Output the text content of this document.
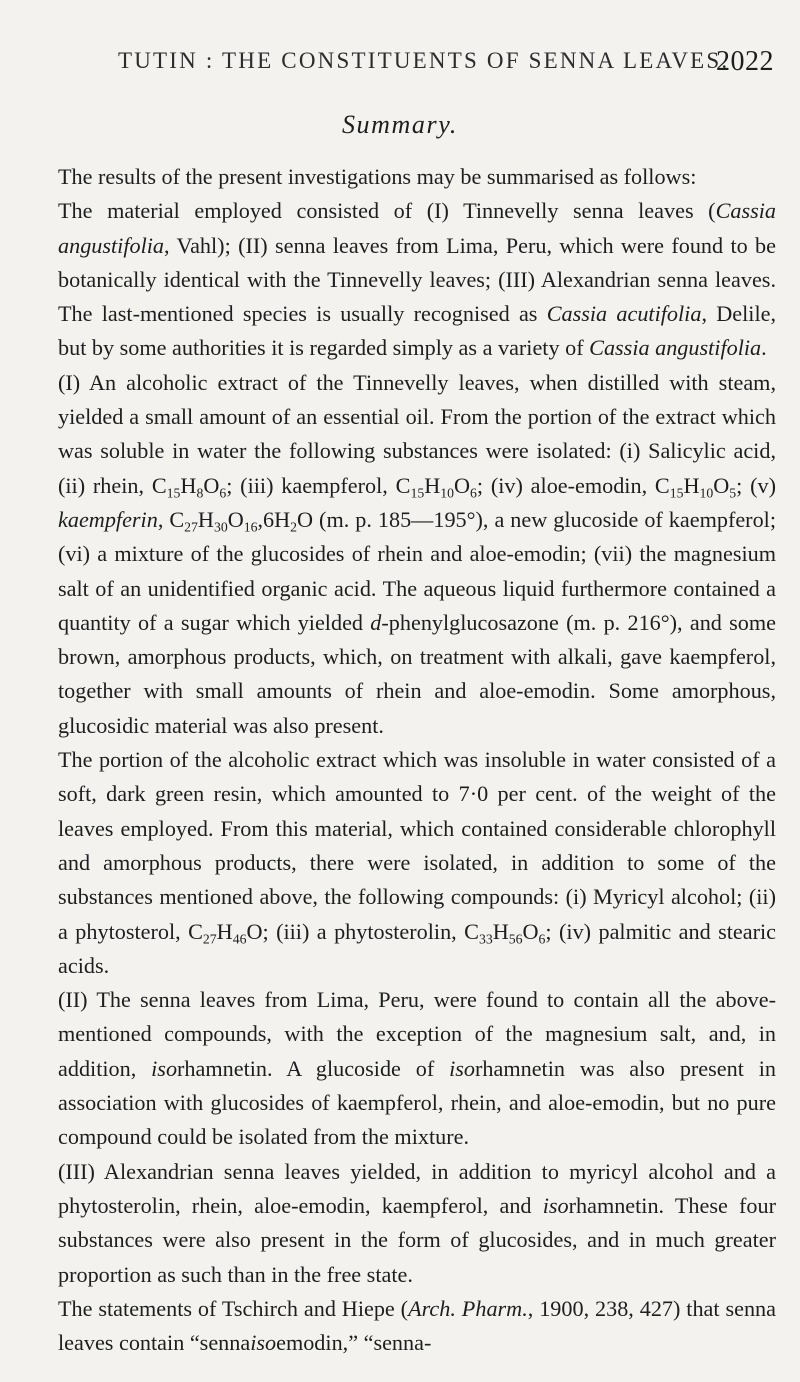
TUTIN : THE CONSTITUENTS OF SENNA LEAVES.
2022
Summary.

The results of the present investigations may be summarised as follows:

The material employed consisted of (I) Tinnevelly senna leaves (Cassia angustifolia, Vahl); (II) senna leaves from Lima, Peru, which were found to be botanically identical with the Tinnevelly leaves; (III) Alexandrian senna leaves. The last-mentioned species is usually recognised as Cassia acutifolia, Delile, but by some authorities it is regarded simply as a variety of Cassia angustifolia.

(I) An alcoholic extract of the Tinnevelly leaves, when distilled with steam, yielded a small amount of an essential oil. From the portion of the extract which was soluble in water the following substances were isolated: (i) Salicylic acid, (ii) rhein, $C_{15}H_8O_6$; (iii) kaempferol, $C_{15}H_{10}O_6$; (iv) aloe-emodin, $C_{15}H_{10}O_5$; (v) kaempferin, $C_{27}H_{30}O_{16},6H_2O$ (m. p. 185—195°), a new glucoside of kaempferol; (vi) a mixture of the glucosides of rhein and aloe-emodin; (vii) the magnesium salt of an unidentified organic acid. The aqueous liquid furthermore contained a quantity of a sugar which yielded d-phenylglucosazone (m. p. 216°), and some brown, amorphous products, which, on treatment with alkali, gave kaempferol, together with small amounts of rhein and aloe-emodin. Some amorphous, glucosidic material was also present.

The portion of the alcoholic extract which was insoluble in water consisted of a soft, dark green resin, which amounted to 7·0 per cent. of the weight of the leaves employed. From this material, which contained considerable chlorophyll and amorphous products, there were isolated, in addition to some of the substances mentioned above, the following compounds: (i) Myricyl alcohol; (ii) a phytosterol, $C_{27}H_{46}O$; (iii) a phytosterolin, $C_{33}H_{56}O_6$; (iv) palmitic and stearic acids.

(II) The senna leaves from Lima, Peru, were found to contain all the above-mentioned compounds, with the exception of the magnesium salt, and, in addition, isorhamnetin. A glucoside of isorhamnetin was also present in association with glucosides of kaempferol, rhein, and aloe-emodin, but no pure compound could be isolated from the mixture.

(III) Alexandrian senna leaves yielded, in addition to myricyl alcohol and a phytosterolin, rhein, aloe-emodin, kaempferol, and isorhamnetin. These four substances were also present in the form of glucosides, and in much greater proportion as such than in the free state.

The statements of Tschirch and Hiepe (Arch. Pharm., 1900, 238, 427) that senna leaves contain “sennaisoemodin,” “senna-
